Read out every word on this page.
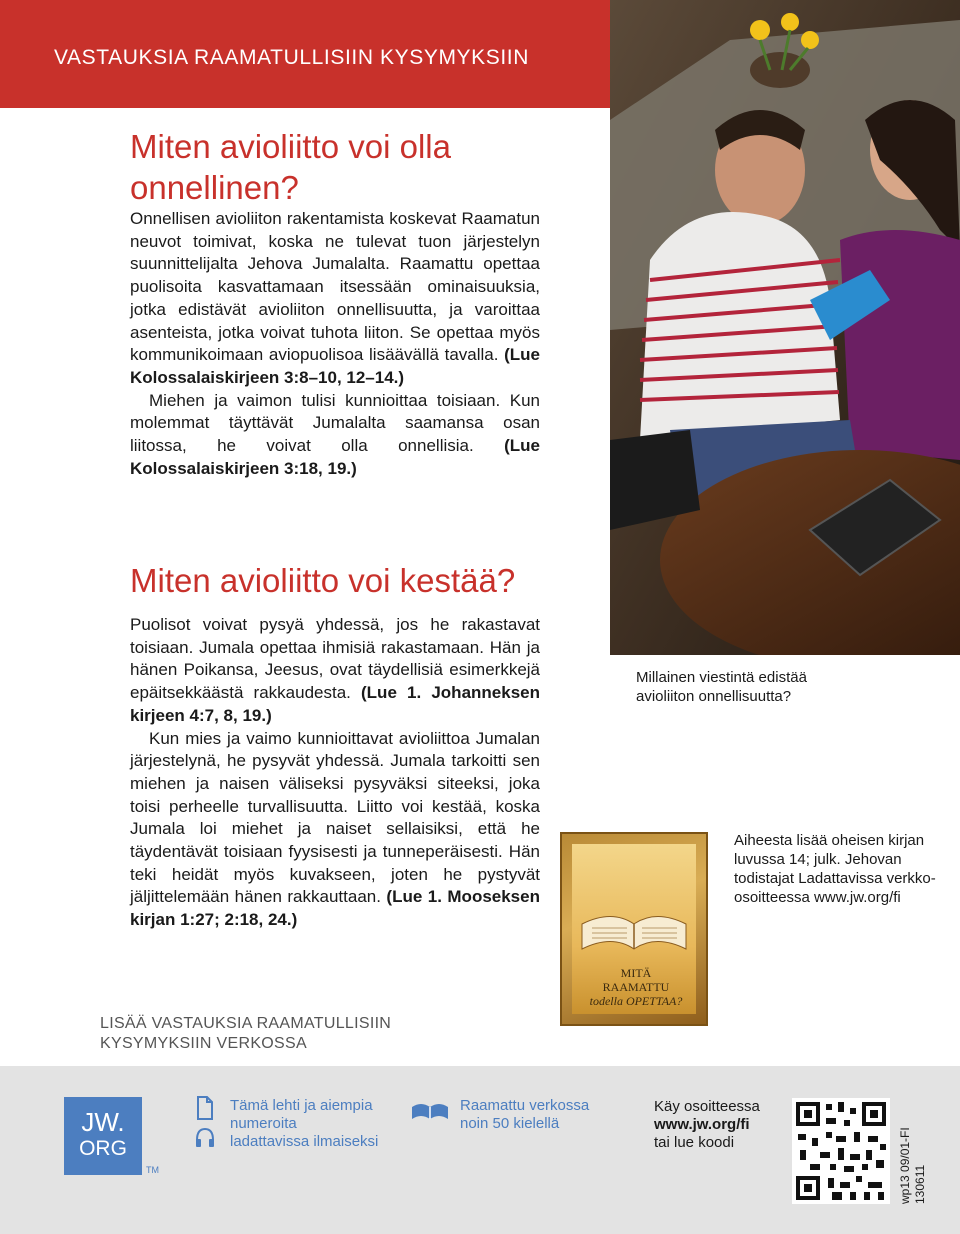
VASTAUKSIA RAAMATULLISIIN KYSYMYKSIIN
Miten avioliitto voi olla onnellinen?

Onnellisen avioliiton rakentamista koskevat Raamatun neuvot toimivat, koska ne tulevat tuon järjestelyn suunnittelijalta Jehova Jumalalta. Raamattu opettaa puolisoita kasvattamaan itsessään ominaisuuksia, jotka edistävät avioliiton onnellisuutta, ja varoittaa asenteista, jotka voivat tuhota liiton. Se opettaa myös kommunikoimaan aviopuolisoa lisäävällä tavalla. (Lue Kolossalaiskirjeen 3:8–10, 12–14.)

Miehen ja vaimon tulisi kunnioittaa toisiaan. Kun molemmat täyttävät Jumalalta saamansa osan liitossa, he voivat olla onnellisia. (Lue Kolossalaiskirjeen 3:18, 19.)

Miten avioliitto voi kestää?

Puolisot voivat pysyä yhdessä, jos he rakastavat toisiaan. Jumala opettaa ihmisiä rakastamaan. Hän ja hänen Poikansa, Jeesus, ovat täydellisiä esimerkkejä epäitsekkäästä rakkaudesta. (Lue 1. Johanneksen kirjeen 4:7, 8, 19.)

Kun mies ja vaimo kunnioittavat avioliittoa Jumalan järjestelynä, he pysyvät yhdessä. Jumala tarkoitti sen miehen ja naisen väliseksi pysyväksi siteeksi, joka toisi perheelle turvallisuutta. Liitto voi kestää, koska Jumala loi miehet ja naiset sellaisiksi, että he täydentävät toisiaan fyysisesti ja tunneperäisesti. Hän teki heidät myös kuvakseen, joten he pystyvät jäljittelemään hänen rakkauttaan. (Lue 1. Mooseksen kirjan 1:27; 2:18, 24.)

Millainen viestintä edistää avioliiton onnellisuutta?
MITÄ
RAAMATTU
todella OPETTAA?
Aiheesta lisää oheisen kirjan luvussa 14; julk. Jehovan todistajat Ladattavissa verkko-osoitteessa www.jw.org/fi
LISÄÄ VASTAUKSIA RAAMATULLISIIN KYSYMYKSIIN VERKOSSA
JW.
ORG
TM
Tämä lehti ja aiempia numeroita ladattavissa ilmaiseksi
Raamattu verkossa noin 50 kielellä
Käy osoitteessa
www.jw.org/fi
tai lue koodi	wp13 09/01-FI 130611
